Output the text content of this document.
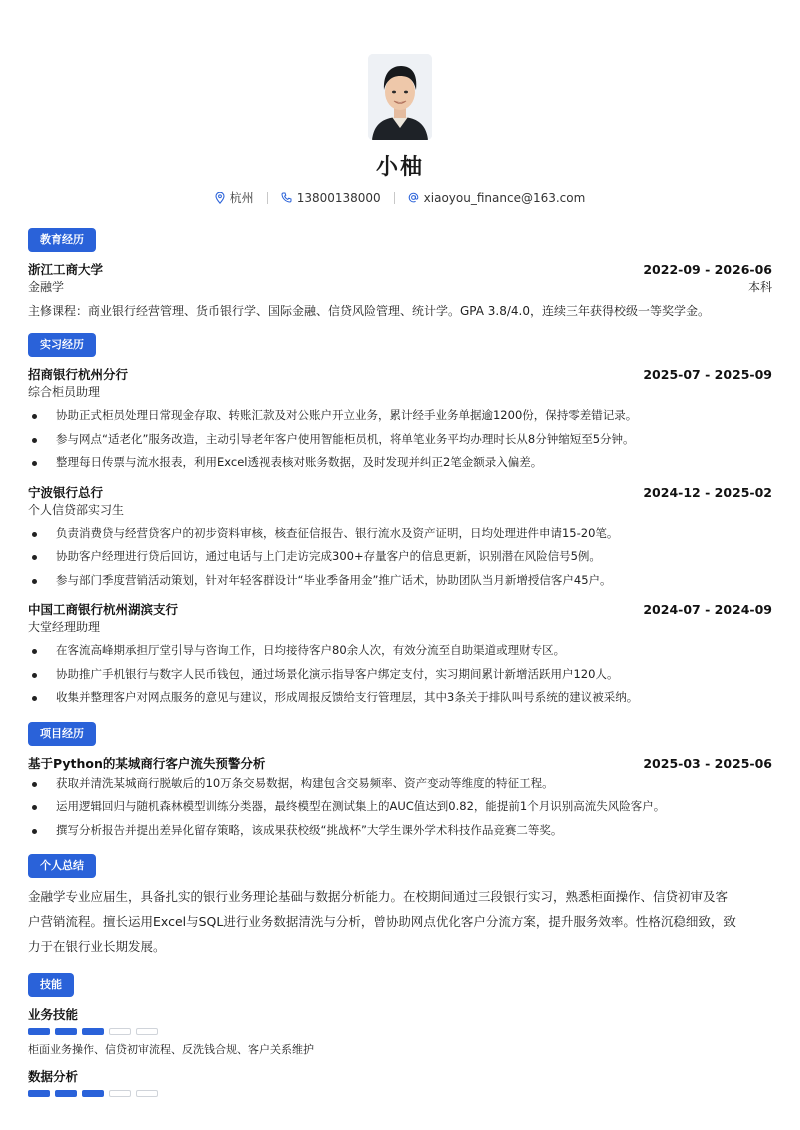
小柚
杭州	13800138000	xiaoyou_finance@163.com
教育经历
浙江工商大学	2022-09 - 2026-06
金融学	本科
主修课程：商业银行经营管理、货币银行学、国际金融、信贷风险管理、统计学。GPA 3.8/4.0，连续三年获得校级一等奖学金。
实习经历
招商银行杭州分行	2025-07 - 2025-09
综合柜员助理
协助正式柜员处理日常现金存取、转账汇款及对公账户开立业务，累计经手业务单据逾1200份，保持零差错记录。
参与网点“适老化”服务改造，主动引导老年客户使用智能柜员机，将单笔业务平均办理时长从8分钟缩短至5分钟。
整理每日传票与流水报表，利用Excel透视表核对账务数据，及时发现并纠正2笔金额录入偏差。
宁波银行总行	2024-12 - 2025-02
个人信贷部实习生
负责消费贷与经营贷客户的初步资料审核，核查征信报告、银行流水及资产证明，日均处理进件申请15-20笔。
协助客户经理进行贷后回访，通过电话与上门走访完成300+存量客户的信息更新，识别潜在风险信号5例。
参与部门季度营销活动策划，针对年轻客群设计“毕业季备用金”推广话术，协助团队当月新增授信客户45户。
中国工商银行杭州湖滨支行	2024-07 - 2024-09
大堂经理助理
在客流高峰期承担厅堂引导与咨询工作，日均接待客户80余人次，有效分流至自助渠道或理财专区。
协助推广手机银行与数字人民币钱包，通过场景化演示指导客户绑定支付，实习期间累计新增活跃用户120人。
收集并整理客户对网点服务的意见与建议，形成周报反馈给支行管理层，其中3条关于排队叫号系统的建议被采纳。
项目经历
基于Python的某城商行客户流失预警分析	2025-03 - 2025-06
获取并清洗某城商行脱敏后的10万条交易数据，构建包含交易频率、资产变动等维度的特征工程。
运用逻辑回归与随机森林模型训练分类器，最终模型在测试集上的AUC值达到0.82，能提前1个月识别高流失风险客户。
撰写分析报告并提出差异化留存策略，该成果获校级“挑战杯”大学生课外学术科技作品竞赛二等奖。
个人总结
金融学专业应届生，具备扎实的银行业务理论基础与数据分析能力。在校期间通过三段银行实习，熟悉柜面操作、信贷初审及客
户营销流程。擅长运用Excel与SQL进行业务数据清洗与分析，曾协助网点优化客户分流方案，提升服务效率。性格沉稳细致，致
力于在银行业长期发展。
技能
业务技能
柜面业务操作、信贷初审流程、反洗钱合规、客户关系维护
数据分析
